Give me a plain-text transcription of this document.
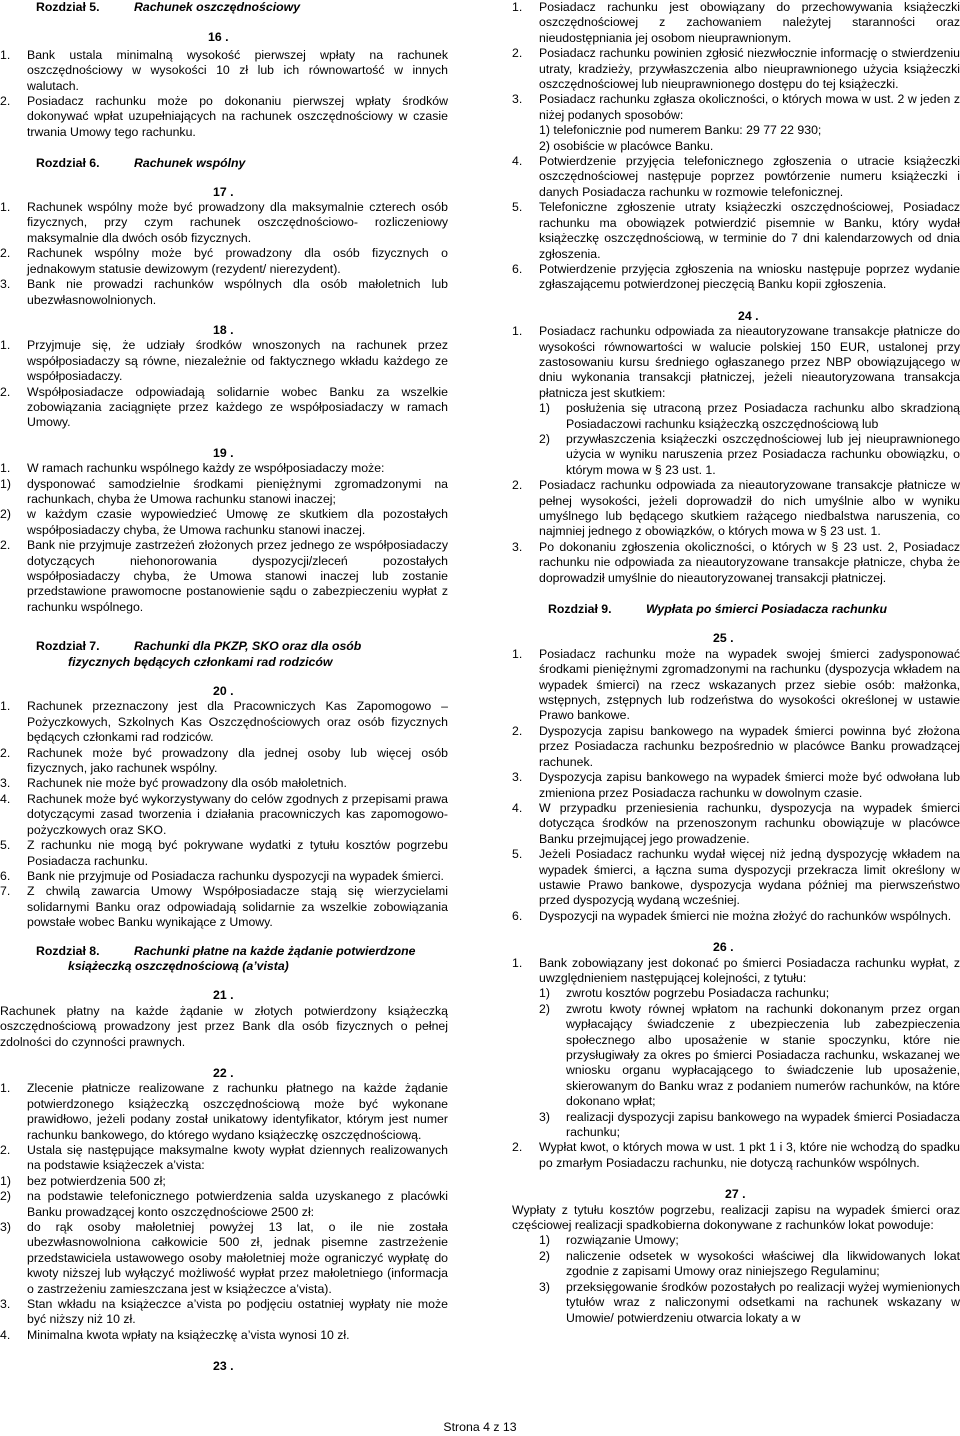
Rozdział 5.	Rachunek oszczędnościowy
16 .
1.	Bank ustala minimalną wysokość pierwszej wpłaty na rachunek oszczędnościowy w wysokości 10 zł lub ich równowartość w innych walutach.
2.	Posiadacz rachunku może po dokonaniu pierwszej wpłaty środków dokonywać wpłat uzupełniających na rachunek oszczędnościowy w czasie trwania Umowy tego rachunku.
Rozdział 6.	Rachunek wspólny
17 .
1.	Rachunek wspólny może być prowadzony dla maksymalnie czterech osób fizycznych, przy czym rachunek oszczędnościowo- rozliczeniowy maksymalnie dla dwóch osób fizycznych.
2.	Rachunek wspólny może być prowadzony dla osób fizycznych o jednakowym statusie dewizowym (rezydent/ nierezydent).
3.	Bank nie prowadzi rachunków wspólnych dla osób małoletnich lub ubezwłasnowolnionych.
18 .
1.	Przyjmuje się, że udziały środków wnoszonych na rachunek przez współposiadaczy są równe, niezależnie od faktycznego wkładu każdego ze współposiadaczy.
2.	Współposiadacze odpowiadają solidarnie wobec Banku za wszelkie zobowiązania zaciągnięte przez każdego ze współposiadaczy w ramach Umowy.
19 .
1.	W ramach rachunku wspólnego każdy ze współposiadaczy może:
1)	dysponować samodzielnie środkami pieniężnymi zgromadzonymi na rachunkach, chyba że Umowa rachunku stanowi inaczej;
2)	w każdym czasie wypowiedzieć Umowę ze skutkiem dla pozostałych współposiadaczy chyba, że Umowa rachunku stanowi inaczej.
2.	Bank nie przyjmuje zastrzeżeń złożonych przez jednego ze współposiadaczy dotyczących niehonorowania dyspozycji/zleceń pozostałych współposiadaczy chyba, że Umowa stanowi inaczej lub zostanie przedstawione prawomocne postanowienie sądu o zabezpieczeniu wypłat z rachunku wspólnego.
Rozdział 7.	Rachunki dla PKZP, SKO oraz dla osób
fizycznych będących członkami rad rodziców
20 .
1.	Rachunek przeznaczony jest dla Pracowniczych Kas Zapomogowo – Pożyczkowych, Szkolnych Kas Oszczędnościowych oraz osób fizycznych będących członkami rad rodziców.
2.	Rachunek może być prowadzony dla jednej osoby lub więcej osób fizycznych, jako rachunek wspólny.
3.	Rachunek nie może być prowadzony dla osób małoletnich.
4.	Rachunek może być wykorzystywany do celów zgodnych z przepisami prawa dotyczącymi zasad tworzenia i działania pracowniczych kas zapomogowo-pożyczkowych oraz SKO.
5.	Z rachunku nie mogą być pokrywane wydatki z tytułu kosztów pogrzebu Posiadacza rachunku.
6.	Bank nie przyjmuje od Posiadacza rachunku dyspozycji na wypadek śmierci.
7.	Z chwilą zawarcia Umowy Współposiadacze stają się wierzycielami solidarnymi Banku oraz odpowiadają solidarnie za wszelkie zobowiązania powstałe wobec Banku wynikające z Umowy.
Rozdział 8.	Rachunki płatne na każde żądanie potwierdzone
książeczką oszczędnościową (a’vista)
21 .

Rachunek płatny na każde żądanie w złotych potwierdzony książeczką oszczędnościową prowadzony jest przez Bank dla osób fizycznych o pełnej zdolności do czynności prawnych.

22 .
1.	Zlecenie płatnicze realizowane z rachunku płatnego na każde żądanie potwierdzonego książeczką oszczędnościową może być wykonane prawidłowo, jeżeli podany został unikatowy identyfikator, którym jest numer rachunku bankowego, do którego wydano książeczkę oszczędnościową.
2.	Ustala się następujące maksymalne kwoty wypłat dziennych realizowanych na podstawie książeczek a’vista:
1)	bez potwierdzenia 500 zł;
2)	na podstawie telefonicznego potwierdzenia salda uzyskanego z placówki Banku prowadzącej konto oszczędnościowe 2500 zł:
3)	do rąk osoby małoletniej powyżej 13 lat, o ile nie została ubezwłasnowolniona całkowicie 500 zł, jednak pisemne zastrzeżenie przedstawiciela ustawowego osoby małoletniej może ograniczyć wypłatę do kwoty niższej lub wyłączyć możliwość wypłat przez małoletniego (informacja o zastrzeżeniu zamieszczana jest w książeczce a’vista).
3.	Stan wkładu na książeczce a’vista po podjęciu ostatniej wypłaty nie może być niższy niż 10 zł.
4.	Minimalna kwota wpłaty na książeczkę a’vista wynosi 10 zł.
23 .
1.	Posiadacz rachunku jest obowiązany do przechowywania książeczki oszczędnościowej z zachowaniem należytej staranności oraz nieudostępniania jej osobom nieuprawnionym.
2.	Posiadacz rachunku powinien zgłosić niezwłocznie informację o stwierdzeniu utraty, kradzieży, przywłaszczenia albo nieuprawnionego użycia książeczki oszczędnościowej lub nieuprawnionego dostępu do tej książeczki.
3.	Posiadacz rachunku zgłasza okoliczności, o których mowa w ust. 2 w jeden z niżej podanych sposobów:
1) telefonicznie pod numerem Banku: 29 77 22 930;
2) osobiście w placówce Banku.
4.	Potwierdzenie przyjęcia telefonicznego zgłoszenia o utracie książeczki oszczędnościowej następuje poprzez powtórzenie numeru książeczki i danych Posiadacza rachunku w rozmowie telefonicznej.
5.	Telefoniczne zgłoszenie utraty książeczki oszczędnościowej, Posiadacz rachunku ma obowiązek potwierdzić pisemnie w Banku, który wydał książeczkę oszczędnościową, w terminie do 7 dni kalendarzowych od dnia zgłoszenia.
6.	Potwierdzenie przyjęcia zgłoszenia na wniosku następuje poprzez wydanie zgłaszającemu potwierdzonej pieczęcią Banku kopii zgłoszenia.
24 .
1.	Posiadacz rachunku odpowiada za nieautoryzowane transakcje płatnicze do wysokości równowartości w walucie polskiej 150 EUR, ustalonej przy zastosowaniu kursu średniego ogłaszanego przez NBP obowiązującego w dniu wykonania transakcji płatniczej, jeżeli nieautoryzowana transakcja płatnicza jest skutkiem:
1)	posłużenia się utraconą przez Posiadacza rachunku albo skradzioną Posiadaczowi rachunku książeczką oszczędnościową lub
2)	przywłaszczenia książeczki oszczędnościowej lub jej nieuprawnionego użycia w wyniku naruszenia przez Posiadacza rachunku obowiązku, o którym mowa w § 23 ust. 1.
2.	Posiadacz rachunku odpowiada za nieautoryzowane transakcje płatnicze w pełnej wysokości, jeżeli doprowadził do nich umyślnie albo w wyniku umyślnego lub będącego skutkiem rażącego niedbalstwa naruszenia, co najmniej jednego z obowiązków, o których mowa w § 23 ust. 1.
3.	Po dokonaniu zgłoszenia okoliczności, o których w § 23 ust. 2, Posiadacz rachunku nie odpowiada za nieautoryzowane transakcje płatnicze, chyba że doprowadził umyślnie do nieautoryzowanej transakcji płatniczej.
Rozdział 9.	Wypłata po śmierci Posiadacza rachunku
25 .
1.	Posiadacz rachunku może na wypadek swojej śmierci zadysponować środkami pieniężnymi zgromadzonymi na rachunku (dyspozycja wkładem na wypadek śmierci) na rzecz wskazanych przez siebie osób: małżonka, wstępnych, zstępnych lub rodzeństwa do wysokości określonej w ustawie Prawo bankowe.
2.	Dyspozycja zapisu bankowego na wypadek śmierci powinna być złożona przez Posiadacza rachunku bezpośrednio w placówce Banku prowadzącej rachunek.
3.	Dyspozycja zapisu bankowego na wypadek śmierci może być odwołana lub zmieniona przez Posiadacza rachunku w dowolnym czasie.
4.	W przypadku przeniesienia rachunku, dyspozycja na wypadek śmierci dotycząca środków na przenoszonym rachunku obowiązuje w placówce Banku przejmującej jego prowadzenie.
5.	Jeżeli Posiadacz rachunku wydał więcej niż jedną dyspozycję wkładem na wypadek śmierci, a łączna suma dyspozycji przekracza limit określony w ustawie Prawo bankowe, dyspozycja wydana później ma pierwszeństwo przed dyspozycją wydaną wcześniej.
6.	Dyspozycji na wypadek śmierci nie można złożyć do rachunków wspólnych.
26 .
1.	Bank zobowiązany jest dokonać po śmierci Posiadacza rachunku wypłat, z uwzględnieniem następującej kolejności, z tytułu:
1)	zwrotu kosztów pogrzebu Posiadacza rachunku;
2)	zwrotu kwoty równej wpłatom na rachunki dokonanym przez organ wypłacający świadczenie z ubezpieczenia lub zabezpieczenia społecznego albo uposażenie w stanie spoczynku, które nie przysługiwały za okres po śmierci Posiadacza rachunku, wskazanej we wniosku organu wypłacającego to świadczenie lub uposażenie, skierowanym do Banku wraz z podaniem numerów rachunków, na które dokonano wpłat;
3)	realizacji dyspozycji zapisu bankowego na wypadek śmierci Posiadacza rachunku;
2.	Wypłat kwot, o których mowa w ust. 1 pkt 1 i 3, które nie wchodzą do spadku po zmarłym Posiadaczu rachunku, nie dotyczą rachunków wspólnych.
27 .

Wypłaty z tytułu kosztów pogrzebu, realizacji zapisu na wypadek śmierci oraz częściowej realizacji spadkobierna dokonywane z rachunków lokat powoduje:

1)	rozwiązanie Umowy;
2)	naliczenie odsetek w wysokości właściwej dla likwidowanych lokat zgodnie z zapisami Umowy oraz niniejszego Regulaminu;
3)	przeksięgowanie środków pozostałych po realizacji wyżej wymienionych tytułów wraz z naliczonymi odsetkami na rachunek wskazany w Umowie/ potwierdzeniu otwarcia lokaty a w
Strona 4 z 13
